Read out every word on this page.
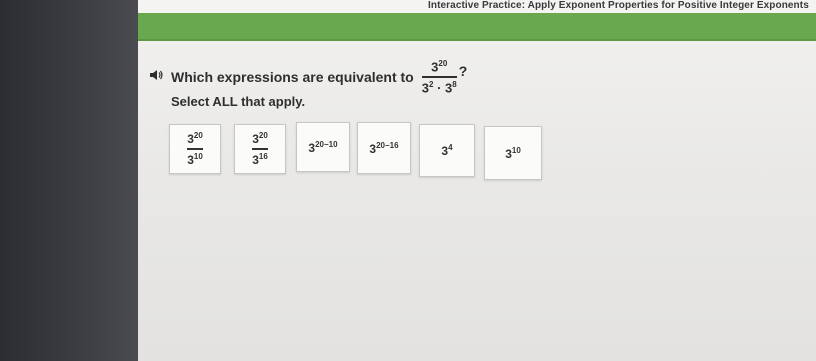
Interactive Practice: Apply Exponent Properties for Positive Integer Exponents
Which expressions are equivalent to $\frac{3^{20}}{3^2 \cdot 3^8}$ ?
Select ALL that apply.
$\frac{3^{20}}{3^{10}}$	$\frac{3^{20}}{3^{16}}$	$3^{20-10}$	$3^{20-16}$	$3^4$	$3^{10}$
